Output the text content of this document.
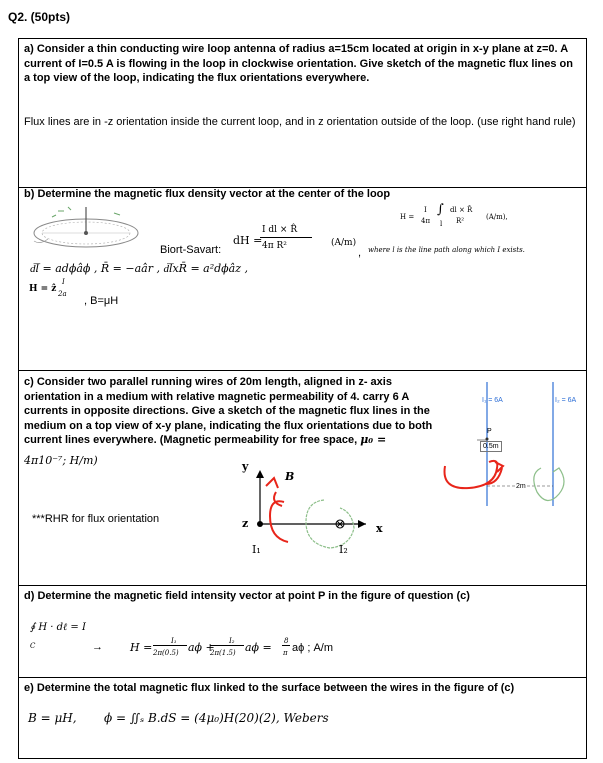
Q2. (50pts)
a) Consider a thin conducting wire loop antenna of radius a=15cm located at origin in x-y plane at z=0. A current of I=0.5 A is flowing in the loop in clockwise orientation. Give sketch of the magnetic flux lines on a top view of the loop, indicating the flux orientations everywhere.
Flux lines are in -z orientation inside the current loop, and in z orientation outside of the loop. (use right hand rule)
b) Determine the magnetic flux density vector at the center of the loop
dH =
I dl × R̂
4π R²	(A/m)
,
Biort-Savart:
H =
I
4π
∫
l
dl × R̂
R²	(A/m),
where l is the line path along which I exists.
d͞l = adϕâϕ , R̄ = −aâr , d͞lxR̄ = a²dϕâz ,
H = ẑ
I
2a
, B=μH
c) Consider two parallel running wires of 20m length, aligned in z- axis orientation in a medium with relative magnetic permeability of 4. carry 6 A currents in opposite directions. Give a sketch of the magnetic flux lines in the medium on a top view of x-y plane, indicating the flux orientations due to both current lines everywhere. (Magnetic permeability for free space, μ₀ =
4π10⁻⁷; H/m)
***RHR for flux orientation
I₁ = 6A	I₂ = 6A
P
0.5m
2m
y
z	x
B
I₁	I₂
d) Determine the magnetic field intensity vector at point P in the figure of question (c)
∮ H · dℓ = I
C	→ H =	I₁
2π(0.5) aϕ + I₂
2π(1.5) aϕ = 8
π aϕ ; A/m
e) Determine the total magnetic flux linked to the surface between the wires in the figure of (c)
B = μH, ϕ = ∬ₛ B.dS = (4μ₀)H(20)(2), Webers
